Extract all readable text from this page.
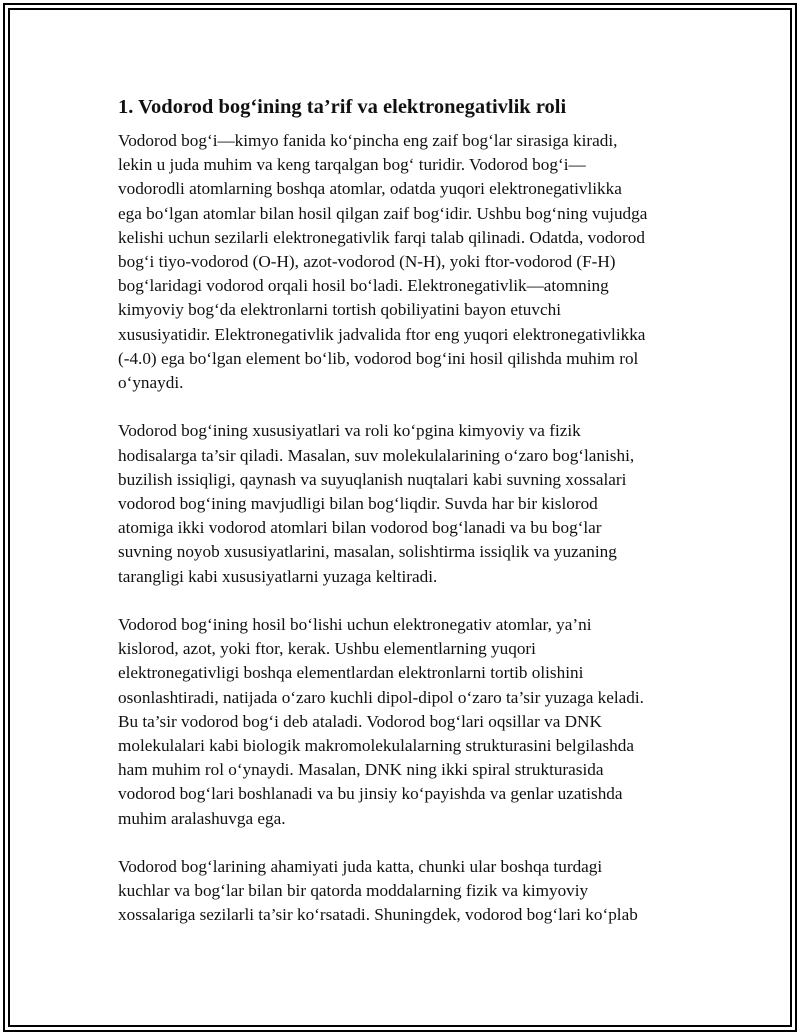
1. Vodorod bog‘ining ta’rif va elektronegativlik roli

Vodorod bog‘i—kimyo fanida ko‘pincha eng zaif bog‘lar sirasiga kiradi,
lekin u juda muhim va keng tarqalgan bog‘ turidir. Vodorod bog‘i—
vodorodli atomlarning boshqa atomlar, odatda yuqori elektronegativlikka
ega bo‘lgan atomlar bilan hosil qilgan zaif bog‘idir. Ushbu bog‘ning vujudga
kelishi uchun sezilarli elektronegativlik farqi talab qilinadi. Odatda, vodorod
bog‘i tiyo-vodorod (O-H), azot-vodorod (N-H), yoki ftor-vodorod (F-H)
bog‘laridagi vodorod orqali hosil bo‘ladi. Elektronegativlik—atomning
kimyoviy bog‘da elektronlarni tortish qobiliyatini bayon etuvchi
xususiyatidir. Elektronegativlik jadvalida ftor eng yuqori elektronegativlikka
(-4.0) ega bo‘lgan element bo‘lib, vodorod bog‘ini hosil qilishda muhim rol
o‘ynaydi.

Vodorod bog‘ining xususiyatlari va roli ko‘pgina kimyoviy va fizik
hodisalarga ta’sir qiladi. Masalan, suv molekulalarining o‘zaro bog‘lanishi,
buzilish issiqligi, qaynash va suyuqlanish nuqtalari kabi suvning xossalari
vodorod bog‘ining mavjudligi bilan bog‘liqdir. Suvda har bir kislorod
atomiga ikki vodorod atomlari bilan vodorod bog‘lanadi va bu bog‘lar
suvning noyob xususiyatlarini, masalan, solishtirma issiqlik va yuzaning
tarangligi kabi xususiyatlarni yuzaga keltiradi.

Vodorod bog‘ining hosil bo‘lishi uchun elektronegativ atomlar, ya’ni
kislorod, azot, yoki ftor, kerak. Ushbu elementlarning yuqori
elektronegativligi boshqa elementlardan elektronlarni tortib olishini
osonlashtiradi, natijada o‘zaro kuchli dipol-dipol o‘zaro ta’sir yuzaga keladi.
Bu ta’sir vodorod bog‘i deb ataladi. Vodorod bog‘lari oqsillar va DNK
molekulalari kabi biologik makromolekulalarning strukturasini belgilashda
ham muhim rol o‘ynaydi. Masalan, DNK ning ikki spiral strukturasida
vodorod bog‘lari boshlanadi va bu jinsiy ko‘payishda va genlar uzatishda
muhim aralashuvga ega.

Vodorod bog‘larining ahamiyati juda katta, chunki ular boshqa turdagi
kuchlar va bog‘lar bilan bir qatorda moddalarning fizik va kimyoviy
xossalariga sezilarli ta’sir ko‘rsatadi. Shuningdek, vodorod bog‘lari ko‘plab
